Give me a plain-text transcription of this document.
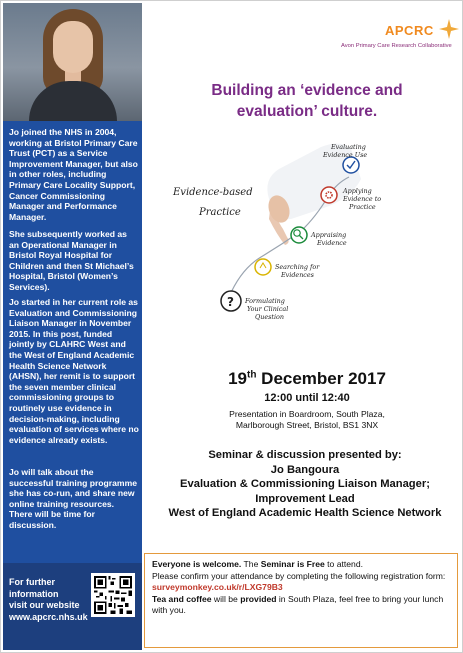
Jo joined the NHS in 2004, working at Bristol Primary Care Trust (PCT) as a Service Improvement Manager, but also in other roles, including Primary Care Locality Support, Cancer Commissioning Manager and Performance Manager.

She subsequently worked as an Operational Manager in Bristol Royal Hospital for Children and then St Michael’s Hospital, Bristol (Women’s Services).

Jo started in her current role as Evaluation and Commissioning Liaison Manager in November 2015. In this post, funded jointly by CLAHRC West and the West of England Academic Health Science Network (AHSN), her remit is to support the seven member clinical commissioning groups to routinely use evidence in decision-making, including evaluation of services where no evidence already exists.

Jo will talk about the successful training programme she has co-run, and share new online training resources. There will be time for discussion.

For further
information
visit our website
www.apcrc.nhs.uk
APCRC
Avon Primary Care Research Collaborative
Building an ‘evidence and
evaluation’ culture.
Evidence-based
Practice
? Formulating
Your Clinical
Question
Searching for
Evidences
Appraising
Evidence
Applying
Evidence to
Practice
Evaluating
Evidence Use
19th December 2017
12:00 until 12:40
Presentation in Boardroom, South Plaza,
Marlborough Street, Bristol, BS1 3NX
Seminar & discussion presented by:
Jo Bangoura
Evaluation & Commissioning Liaison Manager;
Improvement Lead
West of England Academic Health Science Network
Everyone is welcome. The Seminar is Free to attend.
Please confirm your attendance by completing the following registration form: surveymonkey.co.uk/r/LXG79B3
Tea and coffee will be provided in South Plaza, feel free to bring your lunch with you.
